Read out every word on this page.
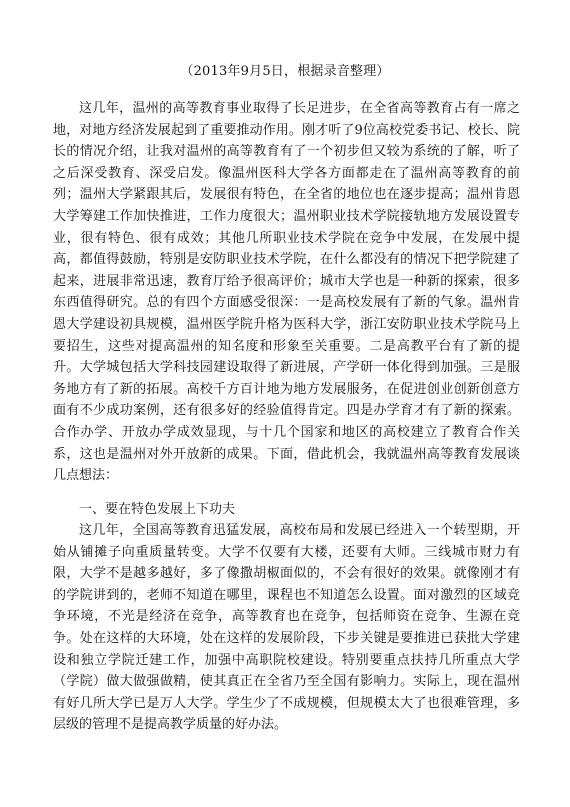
（2013年9月5日，根据录音整理）

这几年，温州的高等教育事业取得了长足进步，在全省高等教育占有一席之地，对地方经济发展起到了重要推动作用。刚才听了9位高校党委书记、校长、院长的情况介绍，让我对温州的高等教育有了一个初步但又较为系统的了解，听了之后深受教育、深受启发。像温州医科大学各方面都走在了温州高等教育的前列；温州大学紧跟其后，发展很有特色，在全省的地位也在逐步提高；温州肯恩大学筹建工作加快推进，工作力度很大；温州职业技术学院接轨地方发展设置专业，很有特色、很有成效；其他几所职业技术学院在竞争中发展，在发展中提高，都值得鼓励，特别是安防职业技术学院，在什么都没有的情况下把学院建了起来，进展非常迅速，教育厅给予很高评价；城市大学也是一种新的探索，很多东西值得研究。总的有四个方面感受很深：一是高校发展有了新的气象。温州肯恩大学建设初具规模，温州医学院升格为医科大学，浙江安防职业技术学院马上要招生，这些对提高温州的知名度和形象至关重要。二是高教平台有了新的提升。大学城包括大学科技园建设取得了新进展，产学研一体化得到加强。三是服务地方有了新的拓展。高校千方百计地为地方发展服务，在促进创业创新创意方面有不少成功案例，还有很多好的经验值得肯定。四是办学育才有了新的探索。合作办学、开放办学成效显现，与十几个国家和地区的高校建立了教育合作关系，这也是温州对外开放新的成果。下面，借此机会，我就温州高等教育发展谈几点想法：

一、要在特色发展上下功夫

这几年，全国高等教育迅猛发展，高校布局和发展已经进入一个转型期，开始从铺摊子向重质量转变。大学不仅要有大楼，还要有大师。三线城市财力有限，大学不是越多越好，多了像撒胡椒面似的，不会有很好的效果。就像刚才有的学院讲到的，老师不知道在哪里，课程也不知道怎么设置。面对激烈的区域竞争环境，不光是经济在竞争，高等教育也在竞争，包括师资在竞争、生源在竞争。处在这样的大环境，处在这样的发展阶段，下步关键是要推进已获批大学建设和独立学院迁建工作，加强中高职院校建设。特别要重点扶持几所重点大学（学院）做大做强做精，使其真正在全省乃至全国有影响力。实际上，现在温州有好几所大学已是万人大学。学生少了不成规模，但规模太大了也很难管理，多层级的管理不是提高教学质量的好办法。
